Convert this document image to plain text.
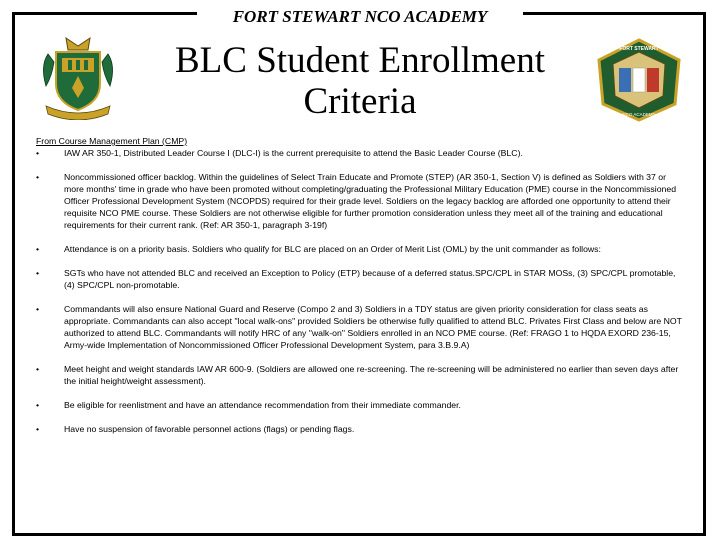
FORT STEWART NCO ACADEMY
BLC Student Enrollment Criteria
FORT STEWART
NCO ACADEMY
From Course Management Plan (CMP)
•	IAW AR 350-1, Distributed Leader Course I (DLC-I) is the current prerequisite to attend the Basic Leader Course (BLC).
•	Noncommissioned officer backlog. Within the guidelines of Select Train Educate and Promote (STEP) (AR 350-1, Section V) is defined as Soldiers with 37 or more months' time in grade who have been promoted without completing/graduating the Professional Military Education (PME) course in the Noncommissioned Officer Professional Development System (NCOPDS) required for their grade level. Soldiers on the legacy backlog are afforded one opportunity to attend their requisite NCO PME course. These Soldiers are not otherwise eligible for further promotion consideration unless they meet all of the training and educational requirements for their current rank. (Ref: AR 350-1, paragraph 3-19f)
•	Attendance is on a priority basis. Soldiers who qualify for BLC are placed on an Order of Merit List (OML) by the unit commander as follows:
•	SGTs who have not attended BLC and received an Exception to Policy (ETP) because of a deferred status.SPC/CPL in STAR MOSs, (3) SPC/CPL promotable, (4) SPC/CPL non-promotable.
•	Commandants will also ensure National Guard and Reserve (Compo 2 and 3) Soldiers in a TDY status are given priority consideration for class seats as appropriate. Commandants can also accept "local walk-ons" provided Soldiers be otherwise fully qualified to attend BLC. Privates First Class and below are NOT authorized to attend BLC. Commandants will notify HRC of any "walk-on" Soldiers enrolled in an NCO PME course. (Ref: FRAGO 1 to HQDA EXORD 236-15, Army-wide Implementation of Noncommissioned Officer Professional Development System, para 3.B.9.A)
•	Meet height and weight standards IAW AR 600-9. (Soldiers are allowed one re-screening. The re-screening will be administered no earlier than seven days after the initial height/weight assessment).
•	Be eligible for reenlistment and have an attendance recommendation from their immediate commander.
•	Have no suspension of favorable personnel actions (flags) or pending flags.
